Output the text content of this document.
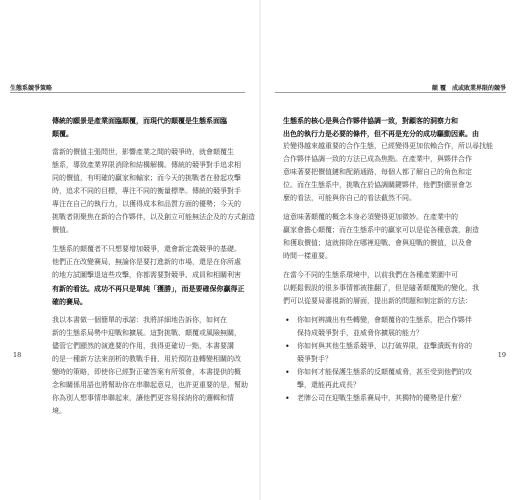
生態系競爭策略
傳統的願景是產業面臨顛覆，而現代的顛覆是生態系面臨
顛覆。
當新的價值主張問世，影響產業之間的競爭時，就會顛覆生
態系，導致產業界限消除和結構解構。傳統的競爭對手追求相
同的價值，有明確的贏家和輸家；而今天的挑戰者在發起攻擊
時，追求不同的目標，專注不同的衡量標準。傳統的競爭對手
專注在自己的執行力，以獲得成本和品質方面的優勢；今天的
挑戰者則聚焦在新的合作夥伴，以及創立可能無法企及的方式創造
價值。
生態系的顛覆者不只想要增加競爭，還會新定義競爭的基礎。
他們正在改變賽局，無論你是要打進新的市場，還是在你所處
的地方試圖擊退這些攻擊，你都需要對競爭、成員和相關利害
有新的看法。成功不再只是單純「獲勝」，而是要確保你贏得正
確的賽局。
我以本書做一個簡單的承諾：我將詳細地告訴你，如何在
新的生態系局勢中迎戰和擴展。這對挑戰、顛覆或風險無關，
儘管它們顯然的演進要的作用，我得更確切一點，本書要講
的是一種新方法來剖析的教戰手冊，用於預防並轉變相關的改
變時的策略，即使你已經對正確答案有所領會，本書提供的概
念和關係用語也將幫助你在串聯起意見，也許更重要的是，幫助
你為別人想事情串聯起來，讓他們更容易採納你的邏輯和情
境。
18
顛 覆　成或敗業界限的競爭
生態系的核心是與合作夥伴協調一致，對顧客的洞察力和
出色的執行力是必要的條件，但不再是充分的成功驅動因素。由
於變得越來越重要的合作生態，已經變得更加依賴合作，所以尋找能
合作夥伴協調一致的方法已成為焦點。在產業中，與夥伴合作
意味著要把價值鏈和配銷通路，每個人都了解自己的角色和定
位。而在生態系中，挑戰在於協調關鍵夥伴，他們對願景會怎
麼的看法，可能與你自己的看法截然不同。
這意味著顛覆的概念本身必須變得更加微妙。在產業中的
贏家會擔心顛覆；而在生態系中的贏家可以是從各種意義，創造
和獲取價值；這就排除在哪裡迎戰、會與迎戰的價值，以及會
時間一樣重要。
在當今不同的生態系環境中，以前我們在各種產業圍中可
以輕鬆假設的很多事情都被推翻了，但是隨著顛覆點的變化，我
們可以從要局審視新的層面，提出新的問題和制定新的方法：
• 你如何辨識出有些轉變，會顛覆你的生態系，把合作夥伴
保持成競爭對手，並威脅你擴展的能力？
• 你如何與其他生態系競爭，以打破界限，並擊潰既有你的
競爭對手？
• 你如何才能保護生態系的反顛覆威脅，甚至受到他們的攻
擊，還能再此成長？
• 老牌公司在迎戰生態系賽局中，其獨特的優勢是什麼？
19
